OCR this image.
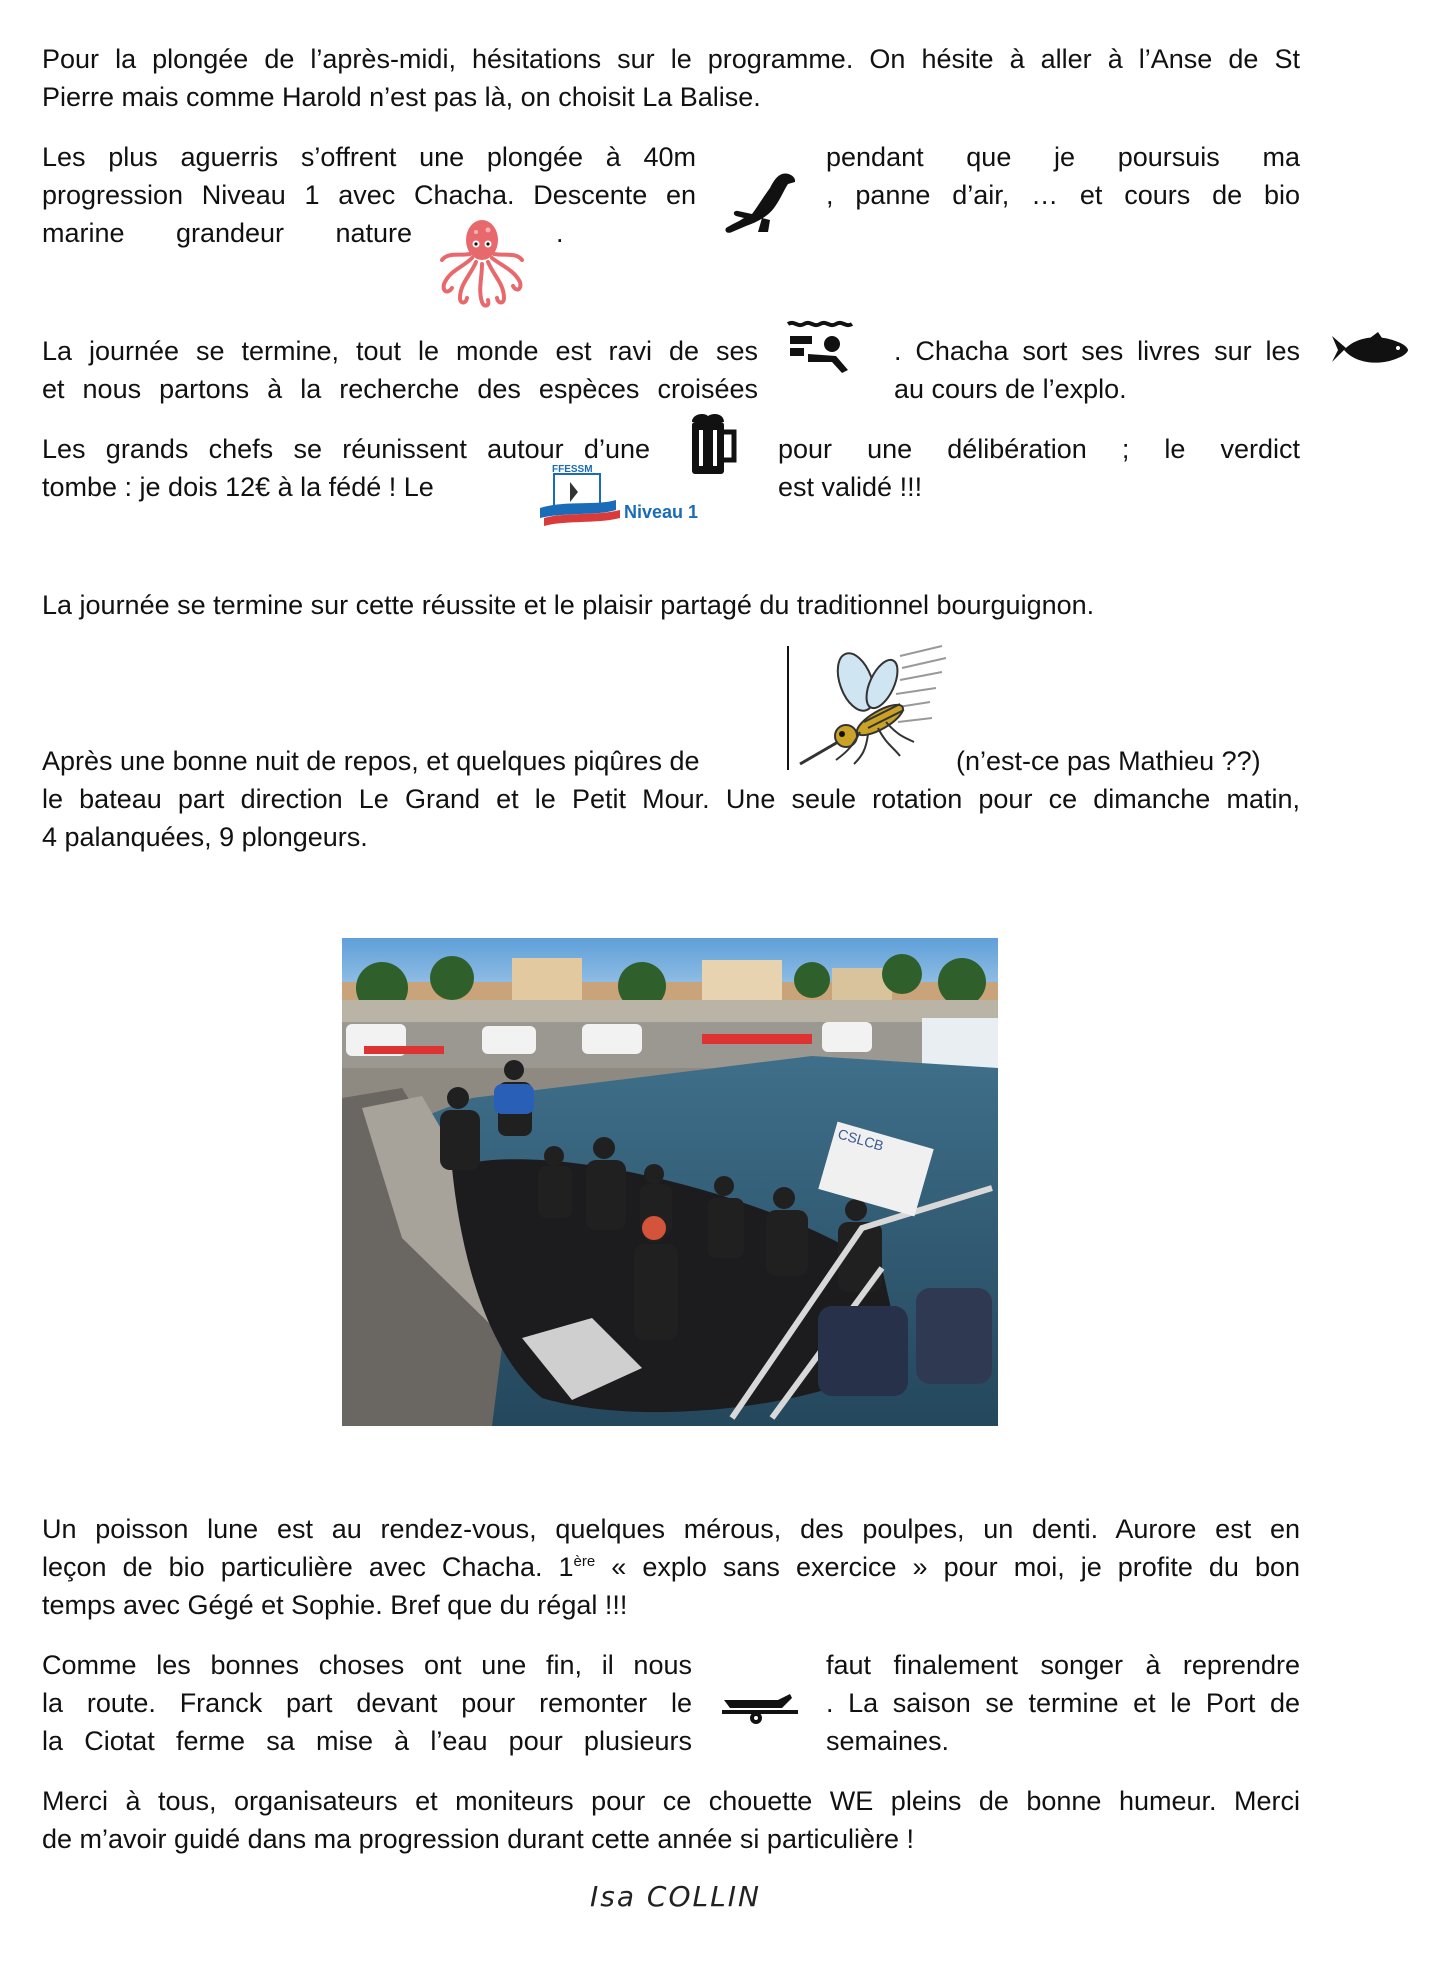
Pour la plongée de l’après-midi, hésitations sur le programme. On hésite à aller à l’Anse de St

Pierre mais comme Harold n’est pas là, on choisit La Balise.

Les plus aguerris s’offrent une plongée à 40m

progression Niveau 1 avec Chacha. Descente en

marine grandeur nature	.

pendant que je poursuis ma

, panne d’air, … et cours de bio

La journée se termine, tout le monde est ravi de ses

et nous partons à la recherche des espèces croisées

. Chacha sort ses livres sur les

au cours de l’explo.

Les grands chefs se réunissent autour d’une

tombe : je dois 12€ à la fédé ! Le

pour une délibération ; le verdict

est validé !!!

FFESSM
Niveau 1

La journée se termine sur cette réussite et le plaisir partagé du traditionnel bourguignon.

Après une bonne nuit de repos, et quelques piqûres de	(n’est-ce pas Mathieu ??)

le bateau part direction Le Grand et le Petit Mour. Une seule rotation pour ce dimanche matin,

4 palanquées, 9 plongeurs.

CSLCB

Un poisson lune est au rendez-vous, quelques mérous, des poulpes, un denti. Aurore est en

leçon de bio particulière avec Chacha. 1ère « explo sans exercice » pour moi, je profite du bon

temps avec Gégé et Sophie. Bref que du régal !!!

Comme les bonnes choses ont une fin, il nous

la route. Franck part devant pour remonter le

la Ciotat ferme sa mise à l’eau pour plusieurs

faut finalement songer à reprendre

. La saison se termine et le Port de

semaines.

Merci à tous, organisateurs et moniteurs pour ce chouette WE pleins de bonne humeur. Merci

de m’avoir guidé dans ma progression durant cette année si particulière !

Isa COLLIN
